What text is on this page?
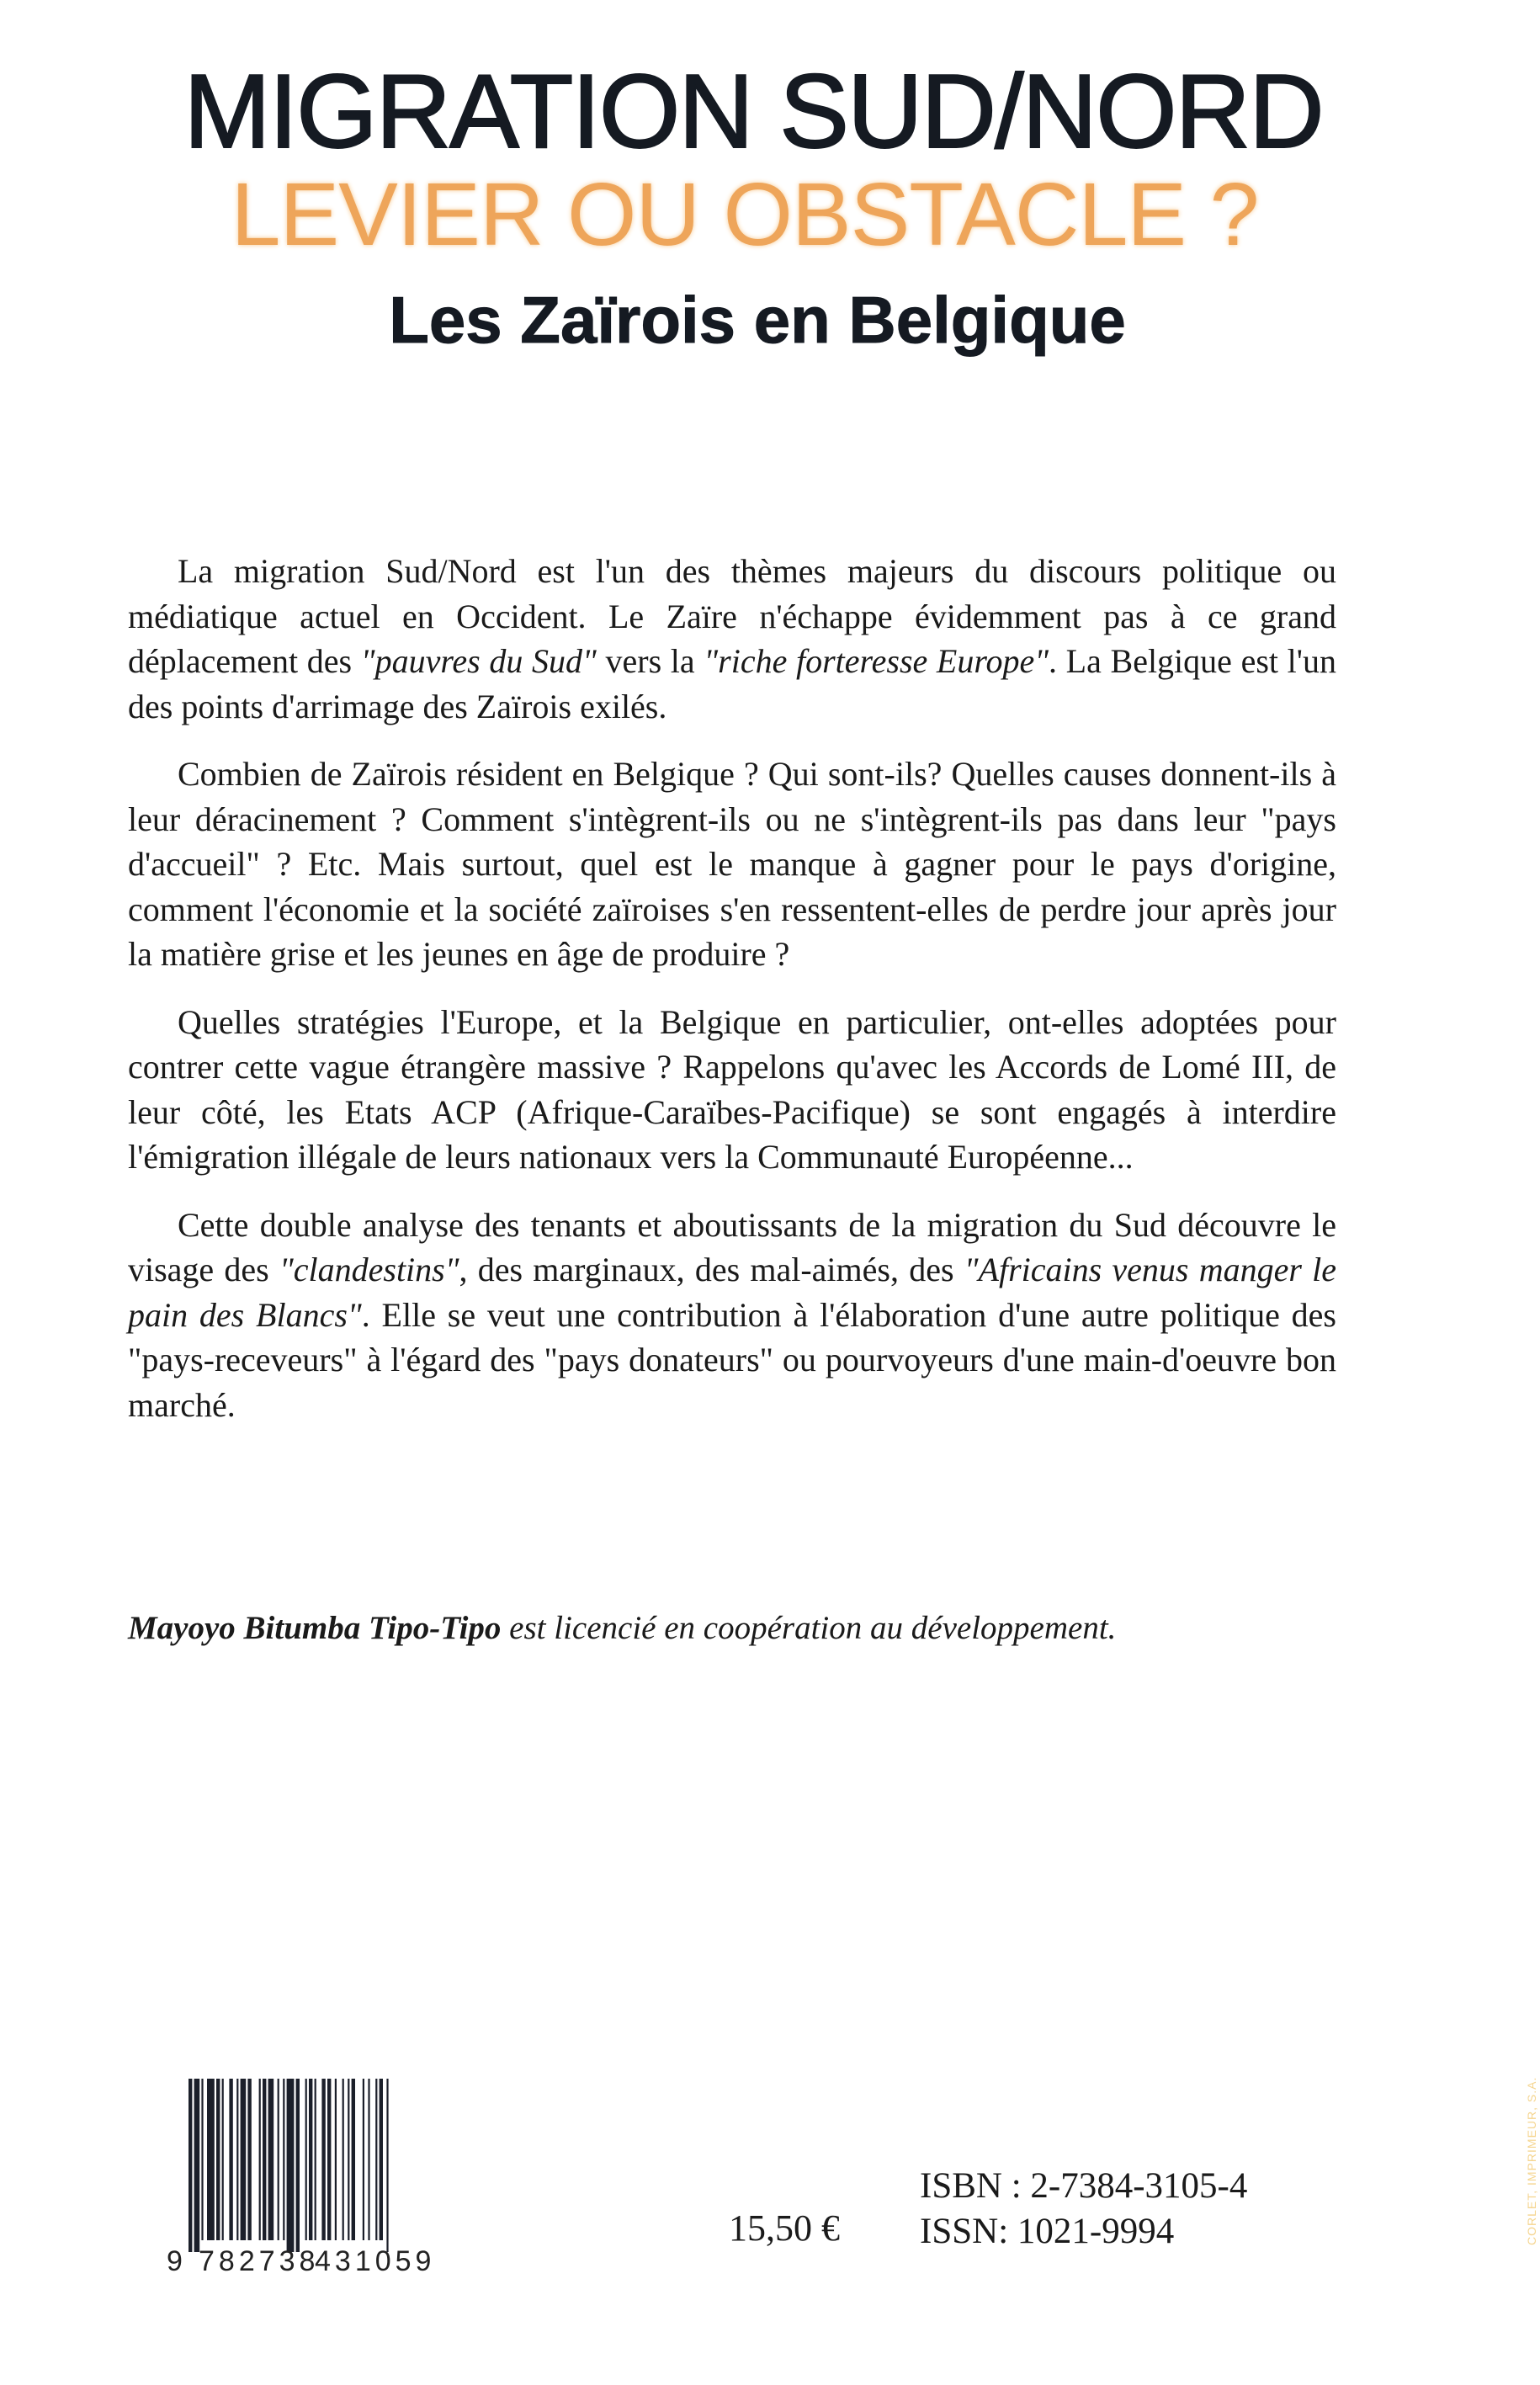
MIGRATION SUD/NORD
LEVIER OU OBSTACLE ?
Les Zaïrois en Belgique

La migration Sud/Nord est l'un des thèmes majeurs du discours politique ou médiatique actuel en Occident. Le Zaïre n'échappe évidemment pas à ce grand déplacement des "pauvres du Sud" vers la "riche forteresse Europe". La Belgique est l'un des points d'arrimage des Zaïrois exilés.

Combien de Zaïrois résident en Belgique ? Qui sont-ils? Quelles causes donnent-ils à leur déracinement ? Comment s'intègrent-ils ou ne s'intègrent-ils pas dans leur "pays d'accueil" ? Etc. Mais surtout, quel est le manque à gagner pour le pays d'origine, comment l'économie et la société zaïroises s'en ressentent-elles de perdre jour après jour la matière grise et les jeunes en âge de produire ?

Quelles stratégies l'Europe, et la Belgique en particulier, ont-elles adoptées pour contrer cette vague étrangère massive ? Rappelons qu'avec les Accords de Lomé III, de leur côté, les Etats ACP (Afrique-Caraïbes-Pacifique) se sont engagés à interdire l'émigration illégale de leurs nationaux vers la Communauté Européenne...

Cette double analyse des tenants et aboutissants de la migration du Sud découvre le visage des "clandestins", des marginaux, des mal-aimés, des "Africains venus manger le pain des Blancs". Elle se veut une contribution à l'élaboration d'une autre politique des "pays-receveurs" à l'égard des "pays donateurs" ou pourvoyeurs d'une main-d'oeuvre bon marché.

Mayoyo Bitumba Tipo-Tipo est licencié en coopération au développement.
9 782738
431059
15,50 €
ISBN : 2-7384-3105-4
ISSN: 1021-9994	CORLET, IMPRIMEUR, S.A.
